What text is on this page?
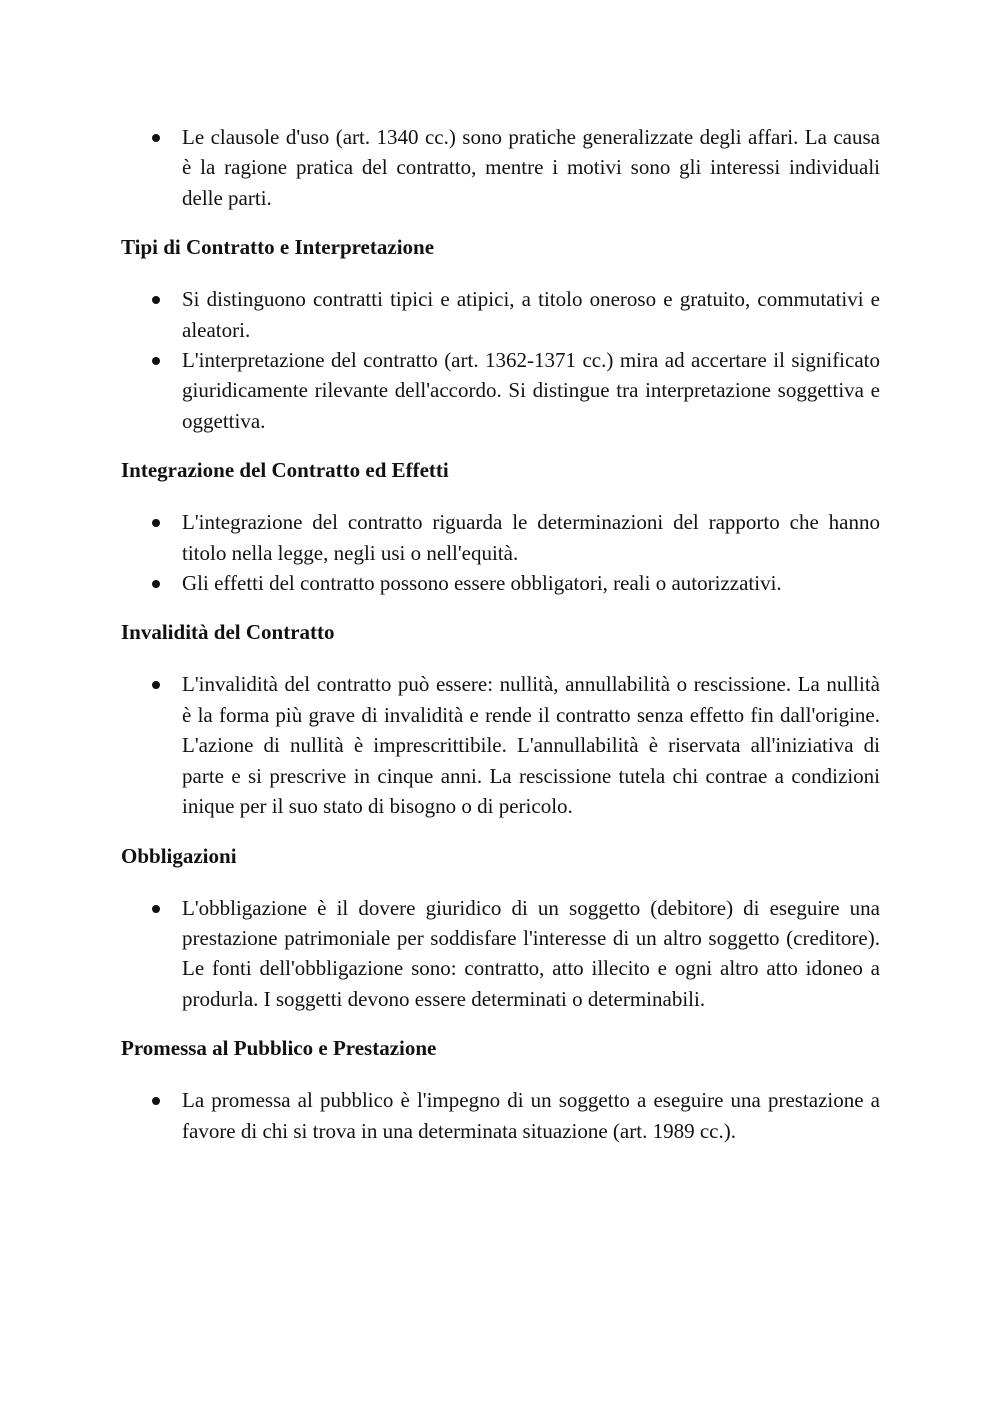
Le clausole d'uso (art. 1340 cc.) sono pratiche generalizzate degli affari. La causa è la ragione pratica del contratto, mentre i motivi sono gli interessi individuali delle parti.
Tipi di Contratto e Interpretazione
Si distinguono contratti tipici e atipici, a titolo oneroso e gratuito, commutativi e aleatori.
L'interpretazione del contratto (art. 1362-1371 cc.) mira ad accertare il significato giuridicamente rilevante dell'accordo. Si distingue tra interpretazione soggettiva e oggettiva.
Integrazione del Contratto ed Effetti
L'integrazione del contratto riguarda le determinazioni del rapporto che hanno titolo nella legge, negli usi o nell'equità.
Gli effetti del contratto possono essere obbligatori, reali o autorizzativi.
Invalidità del Contratto
L'invalidità del contratto può essere: nullità, annullabilità o rescissione. La nullità è la forma più grave di invalidità e rende il contratto senza effetto fin dall'origine. L'azione di nullità è imprescrittibile. L'annullabilità è riservata all'iniziativa di parte e si prescrive in cinque anni. La rescissione tutela chi contrae a condizioni inique per il suo stato di bisogno o di pericolo.
Obbligazioni
L'obbligazione è il dovere giuridico di un soggetto (debitore) di eseguire una prestazione patrimoniale per soddisfare l'interesse di un altro soggetto (creditore). Le fonti dell'obbligazione sono: contratto, atto illecito e ogni altro atto idoneo a produrla. I soggetti devono essere determinati o determinabili.
Promessa al Pubblico e Prestazione
La promessa al pubblico è l'impegno di un soggetto a eseguire una prestazione a favore di chi si trova in una determinata situazione (art. 1989 cc.).
